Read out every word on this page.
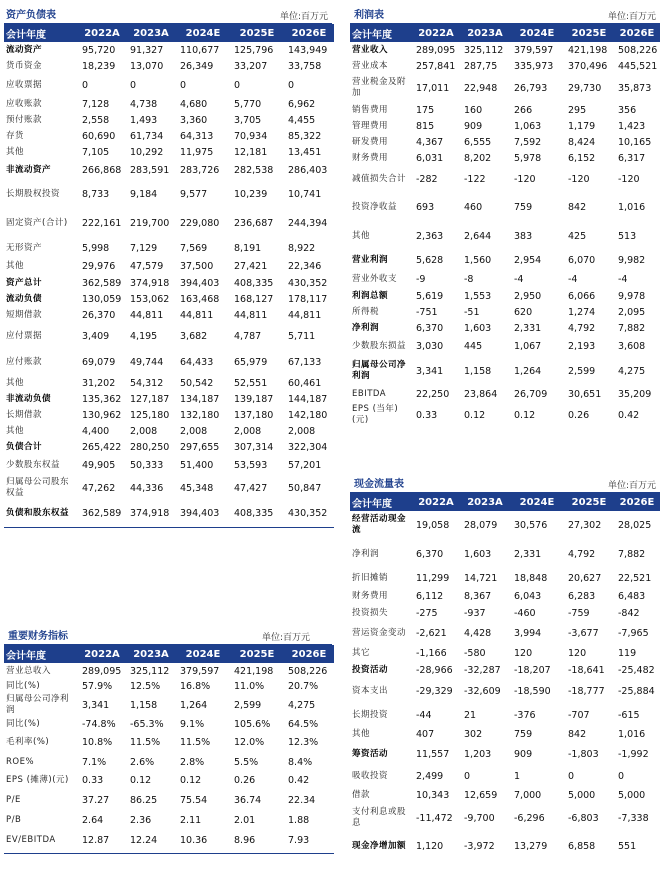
资产负债表	单位:百万元
会计年度	2022A	2023A	2024E	2025E	2026E
流动资产	95,720	91,327	110,677	125,796	143,949
货币资金	18,239	13,070	26,349	33,207	33,758
应收票据	0	0	0	0	0
应收账款	7,128	4,738	4,680	5,770	6,962
预付账款	2,558	1,493	3,360	3,705	4,455
存货	60,690	61,734	64,313	70,934	85,322
其他	7,105	10,292	11,975	12,181	13,451
非流动资产	266,868	283,591	283,726	282,538	286,403
长期股权投资	8,733	9,184	9,577	10,239	10,741
固定资产(合计)	222,161	219,700	229,080	236,687	244,394
无形资产	5,998	7,129	7,569	8,191	8,922
其他	29,976	47,579	37,500	27,421	22,346
资产总计	362,589	374,918	394,403	408,335	430,352
流动负债	130,059	153,062	163,468	168,127	178,117
短期借款	26,370	44,811	44,811	44,811	44,811
应付票据	3,409	4,195	3,682	4,787	5,711
应付账款	69,079	49,744	64,433	65,979	67,133
其他	31,202	54,312	50,542	52,551	60,461
非流动负债	135,362	127,187	134,187	139,187	144,187
长期借款	130,962	125,180	132,180	137,180	142,180
其他	4,400	2,008	2,008	2,008	2,008
负债合计	265,422	280,250	297,655	307,314	322,304
少数股东权益	49,905	50,333	51,400	53,593	57,201
归属母公司股东权益	47,262	44,336	45,348	47,427	50,847
负债和股东权益	362,589	374,918	394,403	408,335	430,352
利润表	单位:百万元
会计年度	2022A	2023A	2024E	2025E	2026E
营业收入	289,095	325,112	379,597	421,198	508,226
营业成本	257,841	287,75	335,973	370,496	445,521
营业税金及附加	17,011	22,948	26,793	29,730	35,873
销售费用	175	160	266	295	356
管理费用	815	909	1,063	1,179	1,423
研发费用	4,367	6,555	7,592	8,424	10,165
财务费用	6,031	8,202	5,978	6,152	6,317
减值损失合计	-282	-122	-120	-120	-120
投资净收益	693	460	759	842	1,016
其他	2,363	2,644	383	425	513
营业利润	5,628	1,560	2,954	6,070	9,982
营业外收支	-9	-8	-4	-4	-4
利润总额	5,619	1,553	2,950	6,066	9,978
所得税	-751	-51	620	1,274	2,095
净利润	6,370	1,603	2,331	4,792	7,882
少数股东损益	3,030	445	1,067	2,193	3,608
归属母公司净利润	3,341	1,158	1,264	2,599	4,275
EBITDA	22,250	23,864	26,709	30,651	35,209
EPS (当年)(元)	0.33	0.12	0.12	0.26	0.42
现金流量表	单位:百万元
会计年度	2022A	2023A	2024E	2025E	2026E
经营活动现金流	19,058	28,079	30,576	27,302	28,025
净利润	6,370	1,603	2,331	4,792	7,882
折旧摊销	11,299	14,721	18,848	20,627	22,521
财务费用	6,112	8,367	6,043	6,283	6,483
投资损失	-275	-937	-460	-759	-842
营运资金变动	-2,621	4,428	3,994	-3,677	-7,965
其它	-1,166	-580	120	120	119
投资活动	-28,966	-32,287	-18,207	-18,641	-25,482
资本支出	-29,329	-32,609	-18,590	-18,777	-25,884
长期投资	-44	21	-376	-707	-615
其他	407	302	759	842	1,016
筹资活动	11,557	1,203	909	-1,803	-1,992
吸收投资	2,499	0	1	0	0
借款	10,343	12,659	7,000	5,000	5,000
支付利息或股息	-11,472	-9,700	-6,296	-6,803	-7,338
现金净增加额	1,120	-3,972	13,279	6,858	551
重要财务指标	单位:百万元
会计年度	2022A	2023A	2024E	2025E	2026E
营业总收入	289,095	325,112	379,597	421,198	508,226
同比(%)	57.9%	12.5%	16.8%	11.0%	20.7%
归属母公司净利润	3,341	1,158	1,264	2,599	4,275
同比(%)	-74.8%	-65.3%	9.1%	105.6%	64.5%
毛利率(%)	10.8%	11.5%	11.5%	12.0%	12.3%
ROE%	7.1%	2.6%	2.8%	5.5%	8.4%
EPS (摊薄)(元)	0.33	0.12	0.12	0.26	0.42
P/E	37.27	86.25	75.54	36.74	22.34
P/B	2.64	2.36	2.11	2.01	1.88
EV/EBITDA	12.87	12.24	10.36	8.96	7.93
